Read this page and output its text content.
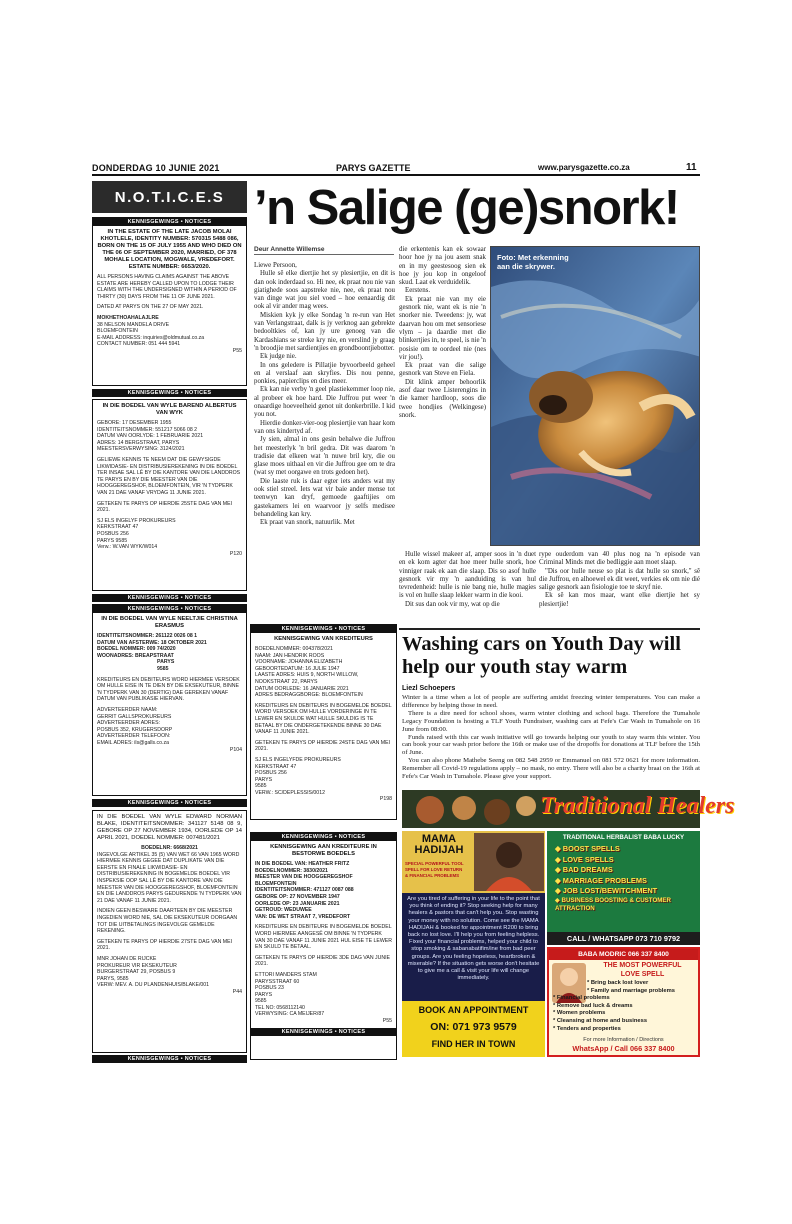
DONDERDAG 10 JUNIE 2021	PARYS GAZETTE	www.parysgazette.co.za	11
N.O.T.I.C.E.S
KENNISGEWINGS • NOTICES
IN THE ESTATE OF THE LATE JACOB MOLAI KHOTLELE, IDENTITY NUMBER: 570315 5488 086, BORN ON THE 15 OF JULY 1955 AND WHO DIED ON THE 06 OF SEPTEMBER 2020, MARRIED, OF 378 MOHALE LOCATION, MOGWALE, VREDEFORT. ESTATE NUMBER: 6653/2020.
ALL PERSONS HAVING CLAIMS AGAINST THE ABOVE ESTATE ARE HEREBY CALLED UPON TO LODGE THEIR CLAIMS WITH THE UNDERSIGNED WITHIN A PERIOD OF THIRTY (30) DAYS FROM THE 11 OF JUNE 2021.
DATED AT PARYS ON THE 27 OF MAY 2021.
MOKHETHOAHALAJLRE
38 NELSON MANDELA DRIVE
BLOEMFONTEIN
E-MAIL ADDRESS: inquiries@oldmutual.co.za
CONTACT NUMBER: 051 444 5941
P55
KENNISGEWINGS • NOTICES
IN DIE BOEDEL VAN WYLE BAREND ALBERTUS VAN WYK
GEBORE: 17 DESEMBER 1955
IDENTITEITSNOMMER: 551217 5066 08 2
DATUM VAN OORLYDE: 1 FEBRUARIE 2021
ADRES: 14 BERGSTRAAT, PARYS
MEESTERSVERWYSING: 3124/2021
GELIEWE KENNIS TE NEEM DAT DIE GEWYSIGDE LIKWIDASIE- EN DISTRIBUSIEREKENING IN DIE BOEDEL TER INSAE SAL LÊ BY DIE KANTORE VAN DIE LANDDROS TE PARYS EN BY DIE MEESTER VAN DIE HOOGGEREGSHOF, BLOEMFONTEIN, VIR 'N TYDPERK VAN 21 DAE VANAF VRYDAG 11 JUNIE 2021.
GETEKEN TE PARYS OP HIERDIE 25STE DAG VAN MEI 2021.
SJ ELS INGELYF PROKUREURS
KERKSTRAAT 47
POSBUS 256
PARYS 9585
Verw.: W.VAN WYK/W014
P120
KENNISGEWINGS • NOTICES
KENNISGEWINGS • NOTICES
IN DIE BOEDEL VAN WYLE NEELTJIE CHRISTINA ERASMUS
IDENTITEITSNOMMER: 261122 0026 08 1
DATUM VAN AFSTERWE: 18 OKTOBER 2021
BOEDEL NOMMER: 009 74/2020
WOONADRES: BREAPSTRAAT
PARYS
9585
KREDITEURS EN DEBITEURS WORD HIERMEE VERSOEK OM HULLE EISE IN TE DIEN BY DIE EKSEKUTEUR, BINNE 'N TYDPERK VAN 30 (DERTIG) DAE GEREKEN VANAF DATUM VAN PUBLIKASIE HIERVAN.
ADVERTEERDER NAAM:
GERRIT GALLSPROKUREURS
ADVERTEERDER ADRES:
POSBUS 352, KRUGERSDORP
ADVERTEERDER TELEFOON:
EMAIL ADRES: ils@galls.co.za
P104
KENNISGEWINGS • NOTICES
IN DIE BOEDEL VAN WYLE EDWARD NORMAN BLAKE, IDENTITEITSNOMMER: 341127 5148 08 9, GEBORE OP 27 NOVEMBER 1934, OORLEDE OP 14 APRIL 2021, DOEDEL NOMMER: 007481/2021
BOEDELNR: 6668/2021
INGEVOLGE ARTIKEL 35 (5) VAN WET 66 VAN 1965 WORD HIERMEE KENNIS GEGEE DAT DUPLIKATE VAN DIE EERSTE EN FINALE LIKWIDASIE- EN DISTRIBUSIEREKENING IN BOGEMELDE BOEDEL VIR INSPEKSIE OOP SAL LÊ BY DIE KANTORE VAN DIE MEESTER VAN DIE HOOGGEREGSHOF, BLOEMFONTEIN EN DIE LANDDROS PARYS GEDURENDE 'N TYDPERK VAN 21 DAE VANAF 11 JUNIE 2021.
INDIEN GEEN BESWARE DAARTEEN BY DIE MEESTER INGEDIEN WORD NIE, SAL DIE EKSEKUTEUR OORGAAN TOT DIE UITBETALINGS INGEVOLGE GEMELDE REKENING.
GETEKEN TE PARYS OP HIERDIE 27STE DAG VAN MEI 2021.
MNR JOHAN DE RIJCKE
PROKUREUR VIR EKSEKUTEUR
BURGERSTRAAT 29, POSBUS 9
PARYS, 9585
VERW: MEV. A. DU PLANDENHUIS/BLAKE/001
P44
KENNISGEWINGS • NOTICES
KENNISGEWINGS • NOTICES
KENNISGEWING VAN KREDITEURS
BOEDELNOMMER: 004378/2021
NAAM: JAN HENDRIK ROOS
VOORNAME: JOHANNA ELIZABETH
GEBOORTEDATUM: 16 JULIE 1947
LAASTE ADRES: HUIS 9, NORTH WILLOW, NOOKSTRAAT 22, PARYS
DATUM OORLEDE: 16 JANUARIE 2021
ADRES BEDRAGGBORGE: BLOEMFONTEIN
KREDITEURS EN DEBITEURS IN BOGEMELDE BOEDEL WORD VERSOEK OM HULLE VORDERINGE IN TE LEWER EN SKULDE WAT HULLE SKULDIG IS TE BETAAL BY DIE ONDERGETEKENDE BINNE 30 DAE VANAF 11 JUNIE 2021.
GETEKEN TE PARYS OP HIERDIE 24STE DAG VAN MEI 2021.
SJ ELS INGELYFDE PROKUREURS
KERKSTRAAT 47
POSBUS 256
PARYS
9585
VERW.: SC/DEPLESSIS/0012
P198
KENNISGEWINGS • NOTICES
KENNISGEWING AAN KREDITEURE IN BESTORWE BOEDELS
IN DIE BOEDEL VAN: HEATHER FRITZ
BOEDELNOMMER: 3830/2021
MEESTER VAN DIE HOOGGEREGSHOF
BLOEMFONTEIN
IDENTITEITSNOMMER: 471127 0087 088
GEBORE OP: 27 NOVEMBER 1947
OORLEDE OP: 23 JANUARIE 2021
GETROUD: WEDUWEE
VAN: DE WET STRAAT 7, VREDEFORT
KREDITEURE EN DEBITEURE IN BOGEMELDE BOEDEL WORD HIERMEE AANGESÊ OM BINNE 'N TYDPERK VAN 30 DAE VANAF 11 JUNIE 2021 HUL EISE TE LEWER EN SKULD TE BETAAL.
GETEKEN TE PARYS OP HIERDIE 3DE DAG VAN JUNIE 2021.
ETTORI MANDERS STAM
PARYSSTRAAT 60
POSBUS 23
PARYS
9585
TEL NO: 0568112140
VERWYSING: CA MEIJER/87
P55
KENNISGEWINGS • NOTICES
’n Salige (ge)snork!
Deur Annette Willemse

Liewe Persoon,

Hulle sê elke diertjie het sy plesiertjie, en dit is dan ook inderdaad so. Hi nee, ek praat nou nie van giatighede soos aapstreke nie, nee, ek praat nou van dinge wat jou siel voed – hoe eenaardig dit ook al vir ander mag wees.

Miskien kyk jy elke Sondag 'n re-run van Het van Verlangstraat, dalk is jy verknog aan gebrekte bedooltkies of, kan jy ure genoeg van die Kardashians se streke kry nie, en verslind jy graag 'n broodjie met sardientjies en grondboontjiebotter.

Ek judge nie.

In ons geledere is Pillatjie byvoorbeeld geheel en al verslaaf aan skryfies. Dis nou penne, ponkies, papierclips en dies meer.

Ek kan nie verby 'n geel plastiekemmer loop nie, al probeer ek hoe hard. Die Juffrou put weer 'n onaardige hoeveelheid genot uit donkerbrille. I kid you not.

Hierdie donker-vier-oog plesiertjie van haar kom van ons kindertyd af.

Jy sien, almal in ons gesin behalwe die Juffrou het meesterlyk 'n bril gedra. Dit was daarom 'n tradisie dat elkeen wat 'n nuwe bril kry, die ou glase moes uithaal en vir die Juffrou gee om te dra (wat sy met oorgawe en trots gedoen het).

Die laaste ruk is daar egter iets anders wat my ook stiel streel. Iets wat vir baie ander mense tot teenwyn kan dryf, gemoede gaaftijies om gastekamers lei en waarvoor jy selfs medisee behandeling kan kry.

Ek praat van snork, natuurlik. Met

die erkentenis kan ek sowaar hoor hoe jy na jou asem snak en in my geestesoog sien ek hoe jy jou kop in ongeloof skud. Laat ek verduidelik.

Eerstens.

Ek praat nie van my eie gesnork nie, want ek is nie 'n snorker nie. Tweedens: jy, wat daarvan hou om met sensoriese vlym – ja daardie met die blinkertjies in, te speel, is nie 'n posisie om te oordeel nie (nes vir jou!).

Ek praat van die salige gesnork van Steve en Fiela.

Dit klink amper behoorlik asof daar twee Listerengins in die kamer hardloop, soos die twee hondjies (Welkingese) snork.

rype ouderdom van 40 plus nog na 'n episode van Criminal Minds met die bedliggie aan moet slaap.

"Dis oor hulle neuse so plat is dat hulle so snork," sê die Juffrou, en alhoewel ek dit weet, verkies ek om nie dié salige gesnork aan fisiologie toe te skryf nie.

Ek sê kan mos maar, want elke diertjie het sy plesiertjie!

Hulle wissel makeer af, amper soos in 'n duet en ek kom agter dat hoe meer hulle snork, hoe vinniger raak ek aan die slaap. Dis so asof hulle gesnork vir my 'n aanduiding is van hul tevredenheid: hulle is nie bang nie, hulle magies is vol en hulle slaap lekker warm in die kooi.

Dit sus dan ook vir my, wat op die

Foto: Met erkenning aan die skrywer.
Washing cars on Youth Day will help our youth stay warm
Liezl Schoepers

Winter is a time when a lot of people are suffering amidst freezing winter temperatures. You can make a difference by helping those in need.

There is a dire need for school shoes, warm winter clothing and school bags. Therefore the Tumahole Legacy Foundation is hosting a TLF Youth Fundraiser, washing cars at Fefe's Car Wash in Tumahole on 16 June from 08:00.

Funds raised with this car wash initiative will go towards helping our youth to stay warm this winter. You can book your car wash prior before the 16th or make use of the dropoffs for donations at TLF before the 15th of June.

You can also phone Mathebe Seeng on 082 548 2959 or Emmanuel on 081 572 0621 for more information. Remember all Covid-19 regulations apply – no mask, no entry. There will also be a charity braai on the 16th at Fefe's Car Wash in Tumahole. Please give your support.

Traditional Healers
MAMA HADIJAH
SPECIAL POWERFUL TOOL
SPELL FOR LOVE RETURN
& FINANCIAL PROBLEMS
Are you tired of suffering in your life to the point that you think of ending it? Stop seeking help for many healers & pastors that can't help you. Stop wasting your money with no solution. Come see the MAMA HADIJAH & booked for appointment R200 to bring back no lost love. I'll help you from feeling helpless. Fixed your financial problems, helped your child to stop smoking & sabanabatifim/ine from bad peer groups. Are you feeling hopeless, heartbroken & miserable? If the situation gets worse don't hesitate to give me a call & visit your life will change immediately.
BOOK AN APPOINTMENT
ON: 071 973 9579
FIND HER IN TOWN
TRADITIONAL HERBALIST BABA LUCKY
◆ BOOST SPELLS
◆ LOVE SPELLS
◆ BAD DREAMS
◆ MARRIAGE PROBLEMS
◆ JOB LOST/BEWITCHMENT
◆ BUSINESS BOOSTING & CUSTOMER ATTRACTION
CALL / WHATSAPP 073 710 9792
BABA MODRIC 066 337 8400
THE MOST POWERFUL
LOVE SPELL
* Bring back lost lover
* Family and marriage problems
* Financial problems
* Remove bad luck & dreams
* Women problems
* Cleansing at home and business
* Tenders and properties
For more Information / Directions
WhatsApp / Call 066 337 8400
